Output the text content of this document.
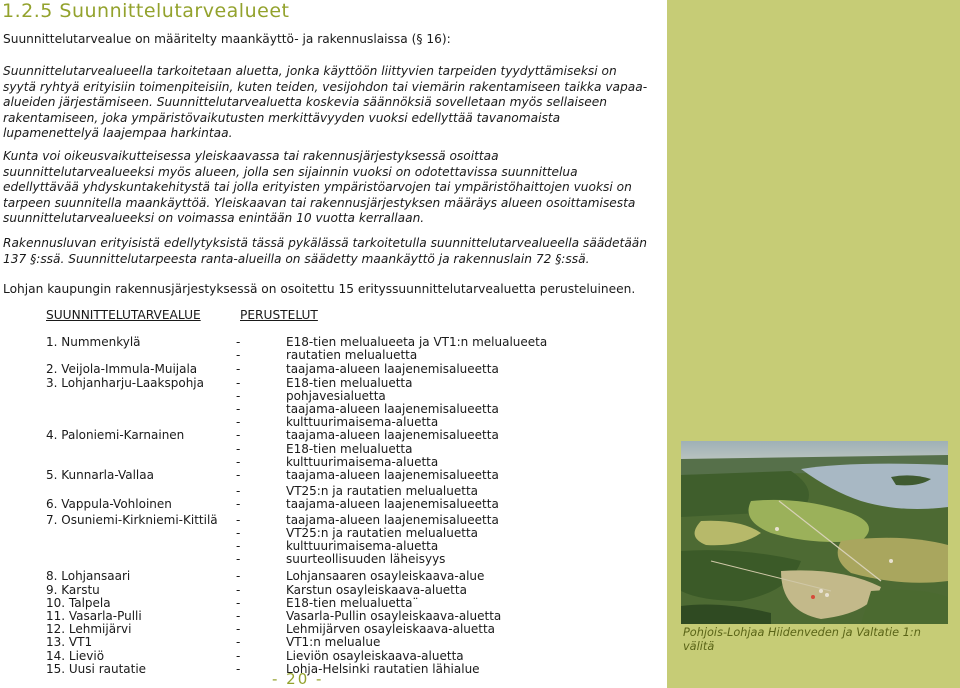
1.2.5 Suunnittelutarvealueet

Suunnittelutarvealue on määritelty maankäyttö- ja rakennuslaissa (§ 16):

Suunnittelutarvealueella tarkoitetaan aluetta, jonka käyttöön liittyvien tarpeiden tyydyttämiseksi on syytä ryhtyä erityisiin toimenpiteisiin, kuten teiden, vesijohdon tai viemärin rakentamiseen taikka vapaa-alueiden järjestämiseen. Suunnittelutarvealuetta koskevia säännöksiä sovelletaan myös sellaiseen rakentamiseen, joka ympäristövaikutusten merkittävyyden vuoksi edellyttää tavanomaista lupamenettelyä laajempaa harkintaa.

Kunta voi oikeusvaikutteisessa yleiskaavassa tai rakennusjärjestyksessä osoittaa suunnittelutarvealueeksi myös alueen, jolla sen sijainnin vuoksi on odotettavissa suunnittelua edellyttävää yhdyskuntakehitystä tai jolla erityisten ympäristöarvojen tai ympäristöhaittojen vuoksi on tarpeen suunnitella maankäyttöä. Yleiskaavan tai rakennusjärjestyksen määräys alueen osoittamisesta suunnittelutarvealueeksi on voimassa enintään 10 vuotta kerrallaan.

Rakennusluvan erityisistä edellytyksistä tässä pykälässä tarkoitetulla suunnittelutarvealueella säädetään 137 §:ssä. Suunnittelutarpeesta ranta-alueilla on säädetty maankäyttö ja rakennuslain 72 §:ssä.

Lohjan kaupungin rakennusjärjestyksessä on osoitettu 15 erityssuunnittelutarvealuetta perusteluineen.

SUUNNITTELUTARVEALUE	PERUSTELUT
1. Nummenkylä	-	E18-tien melualueeta ja VT1:n melualueeta
-	rautatien melualuetta
2. Veijola-Immula-Muijala	-	taajama-alueen laajenemisalueetta
3. Lohjanharju-Laakspohja	-	E18-tien melualuetta
-	pohjavesialuetta
-	taajama-alueen laajenemisalueetta
-	kulttuurimaisema-aluetta
4. Paloniemi-Karnainen	-	taajama-alueen laajenemisalueetta
-	E18-tien melualuetta
-	kulttuurimaisema-aluetta
5. Kunnarla-Vallaa	-	taajama-alueen laajenemisalueetta
-	VT25:n ja rautatien melualuetta
6. Vappula-Vohloinen	-	taajama-alueen laajenemisalueetta
7. Osuniemi-Kirkniemi-Kittilä -	taajama-alueen laajenemisalueetta
-	VT25:n ja rautatien melualuetta
-	kulttuurimaisema-aluetta
-	suurteollisuuden läheisyys
8. Lohjansaari	-	Lohjansaaren osayleiskaava-alue
9. Karstu	-	Karstun osayleiskaava-aluetta
10. Talpela	-	E18-tien melualuetta¨
11. Vasarla-Pulli	-	Vasarla-Pullin osayleiskaava-aluetta
12. Lehmijärvi	-	Lehmijärven osayleiskaava-aluetta
13. VT1	-	VT1:n melualue
14. Lieviö	-	Lieviön osayleiskaava-aluetta
15. Uusi rautatie	-	Lohja-Helsinki rautatien lähialue
- 20 -
Pohjois-Lohjaa Hiidenveden ja Valtatie 1:n välitä
